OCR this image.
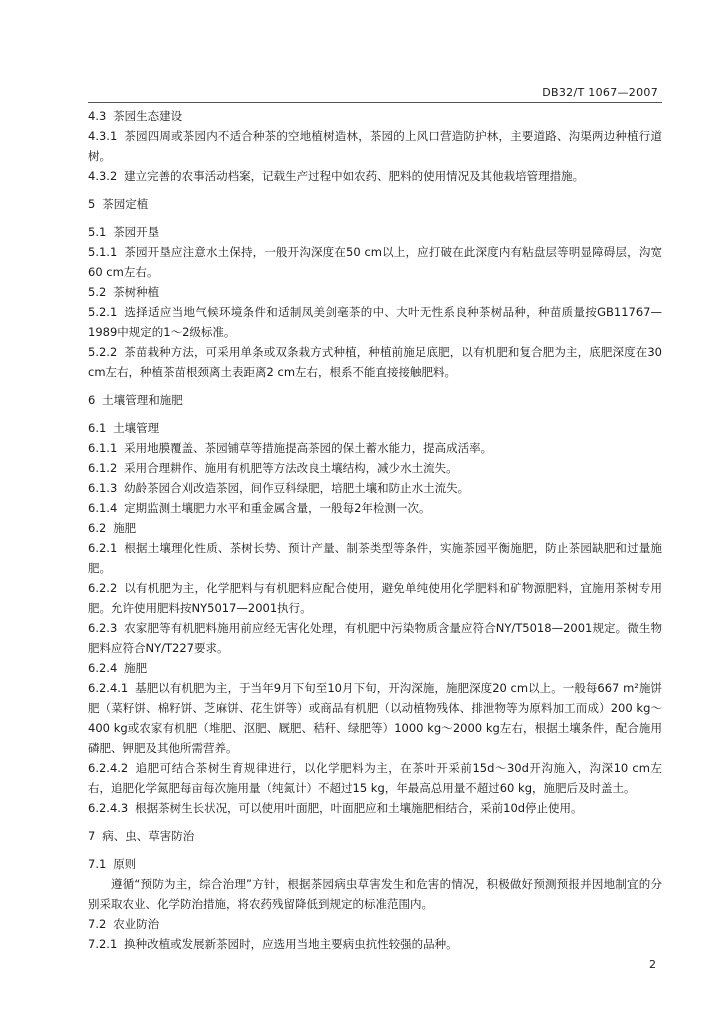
DB32/T 1067—2007
4.3 茶园生态建设
4.3.1 茶园四周或茶园内不适合种茶的空地植树造林，茶园的上风口营造防护林，主要道路、沟渠两边种植行道树。
4.3.2 建立完善的农事活动档案，记载生产过程中如农药、肥料的使用情况及其他栽培管理措施。
5 茶园定植
5.1 茶园开垦
5.1.1 茶园开垦应注意水土保持，一般开沟深度在50 cm以上，应打破在此深度内有粘盘层等明显障碍层，沟宽60 cm左右。
5.2 茶树种植
5.2.1 选择适应当地气候环境条件和适制凤美剑毫茶的中、大叶无性系良种茶树品种，种苗质量按GB11767—1989中规定的1～2级标准。
5.2.2 茶苗栽种方法，可采用单条或双条栽方式种植，种植前施足底肥，以有机肥和复合肥为主，底肥深度在30 cm左右，种植茶苗根颈离土表距离2 cm左右，根系不能直接接触肥料。
6 土壤管理和施肥
6.1 土壤管理
6.1.1 采用地膜覆盖、茶园铺草等措施提高茶园的保土蓄水能力，提高成活率。
6.1.2 采用合理耕作、施用有机肥等方法改良土壤结构，减少水土流失。
6.1.3 幼龄茶园合刈改造茶园，间作豆科绿肥，培肥土壤和防止水土流失。
6.1.4 定期监测土壤肥力水平和重金属含量，一般每2年检测一次。
6.2 施肥
6.2.1 根据土壤理化性质、茶树长势、预计产量、制茶类型等条件，实施茶园平衡施肥，防止茶园缺肥和过量施肥。
6.2.2 以有机肥为主，化学肥料与有机肥料应配合使用，避免单纯使用化学肥料和矿物源肥料，宜施用茶树专用肥。允许使用肥料按NY5017—2001执行。
6.2.3 农家肥等有机肥料施用前应经无害化处理，有机肥中污染物质含量应符合NY/T5018—2001规定。微生物肥料应符合NY/T227要求。
6.2.4 施肥
6.2.4.1 基肥以有机肥为主，于当年9月下旬至10月下旬，开沟深施，施肥深度20 cm以上。一般每667 m²施饼肥（菜籽饼、棉籽饼、芝麻饼、花生饼等）或商品有机肥（以动植物残体、排泄物等为原料加工而成）200 kg～400 kg或农家有机肥（堆肥、沤肥、厩肥、秸秆、绿肥等）1000 kg～2000 kg左右，根据土壤条件，配合施用磷肥、钾肥及其他所需营养。
6.2.4.2 追肥可结合茶树生育规律进行，以化学肥料为主，在茶叶开采前15d～30d开沟施入，沟深10 cm左右，追肥化学氮肥每亩每次施用量（纯氮计）不超过15 kg，年最高总用量不超过60 kg，施肥后及时盖土。
6.2.4.3 根据茶树生长状况，可以使用叶面肥，叶面肥应和土壤施肥相结合，采前10d停止使用。
7 病、虫、草害防治
7.1 原则
遵循“预防为主，综合治理”方针，根据茶园病虫草害发生和危害的情况，积极做好预测预报并因地制宜的分别采取农业、化学防治措施，将农药残留降低到规定的标准范围内。
7.2 农业防治
7.2.1 换种改植或发展新茶园时，应选用当地主要病虫抗性较强的品种。
2
